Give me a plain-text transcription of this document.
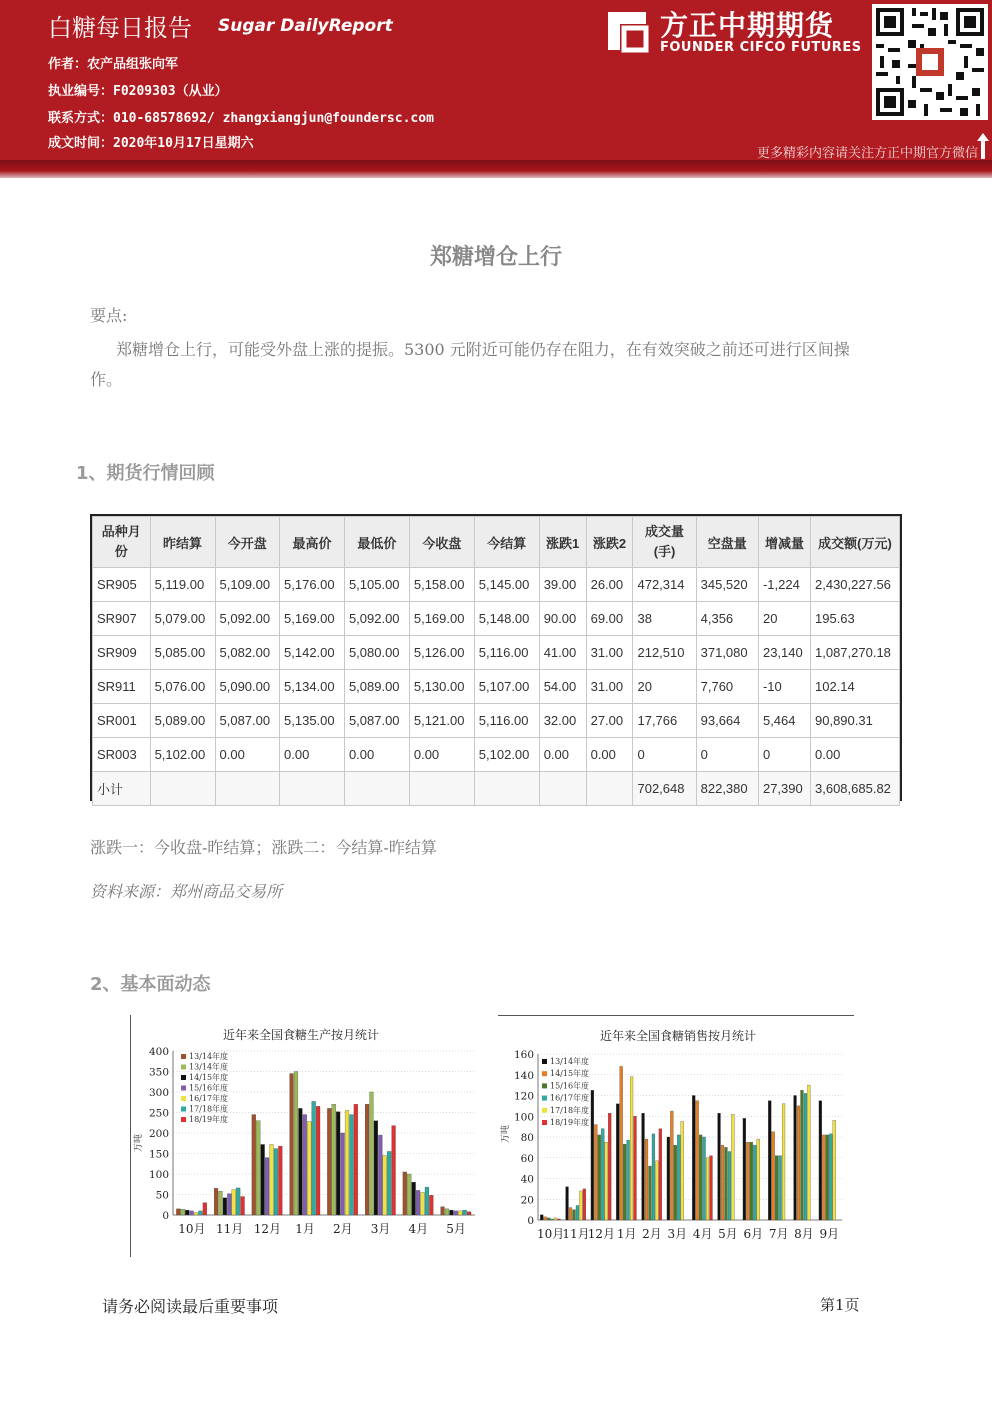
白糖每日报告 Sugar DailyReport
作者：农产品组张向军
执业编号：F0209303（从业）
联系方式：010-68578692/ zhangxiangjun@foundersc.com
成文时间：2020年10月17日星期六
方正中期期货
FOUNDER CIFCO FUTURES
更多精彩内容请关注方正中期官方微信
郑糖增仓上行
要点:
郑糖增仓上行，可能受外盘上涨的提振。5300 元附近可能仍存在阻力，在有效突破之前还可进行区间操
作。
1、期货行情回顾
品种月份	昨结算	今开盘	最高价	最低价	今收盘	今结算	涨跌1	涨跌2	成交量(手)	空盘量	增减量	成交额(万元)
SR905	5,119.00	5,109.00	5,176.00	5,105.00	5,158.00	5,145.00	39.00	26.00	472,314	345,520	-1,224	2,430,227.56
SR907	5,079.00	5,092.00	5,169.00	5,092.00	5,169.00	5,148.00	90.00	69.00	38	4,356	20	195.63
SR909	5,085.00	5,082.00	5,142.00	5,080.00	5,126.00	5,116.00	41.00	31.00	212,510	371,080	23,140	1,087,270.18
SR911	5,076.00	5,090.00	5,134.00	5,089.00	5,130.00	5,107.00	54.00	31.00	20	7,760	-10	102.14
SR001	5,089.00	5,087.00	5,135.00	5,087.00	5,121.00	5,116.00	32.00	27.00	17,766	93,664	5,464	90,890.31
SR003	5,102.00	0.00	0.00	0.00	0.00	5,102.00	0.00	0.00	0	0	0	0.00
小计									702,648	822,380	27,390	3,608,685.82
涨跌一：今收盘-昨结算；涨跌二：今结算-昨结算
资料来源：郑州商品交易所
2、基本面动态
近年来全国食糖生产按月统计
万吨
0
50
100
150
200
250
300
350
400
10月 11月 12月 1月 2月 3月 4月 5月
13/14年度
13/14年度
14/15年度
15/16年度
16/17年度
17/18年度
18/19年度
近年来全国食糖销售按月统计
万吨
0
20
40
60
80
100
120
140
160
10月
11月
12月 1月 2月 3月 4月 5月 6月 7月 8月 9月
13/14年度
14/15年度
15/16年度
16/17年度
17/18年度
18/19年度
请务必阅读最后重要事项	第1页
